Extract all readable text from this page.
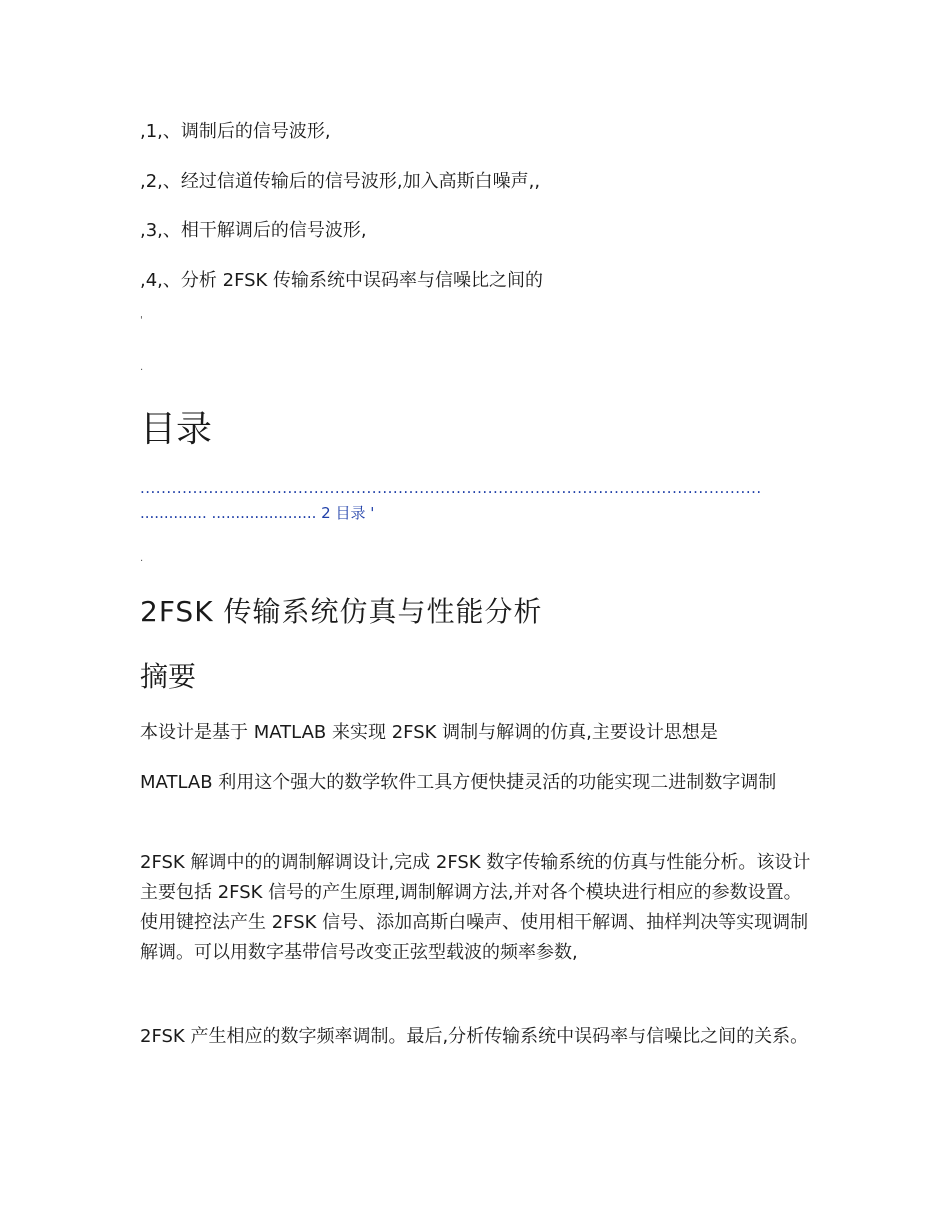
,1,、调制后的信号波形,
,2,、经过信道传输后的信号波形,加入高斯白噪声,,
,3,、相干解调后的信号波形,
,4,、分析 2FSK 传输系统中误码率与信噪比之间的
'
.
目录
......................................................................................................................
.............. ...................... 2 目录 '
.
2FSK 传输系统仿真与性能分析
摘要
本设计是基于 MATLAB 来实现 2FSK 调制与解调的仿真,主要设计思想是
MATLAB 利用这个强大的数学软件工具方便快捷灵活的功能实现二进制数字调制
2FSK 解调中的的调制解调设计,完成 2FSK 数字传输系统的仿真与性能分析。该设计主要包括 2FSK 信号的产生原理,调制解调方法,并对各个模块进行相应的参数设置。使用键控法产生 2FSK 信号、添加高斯白噪声、使用相干解调、抽样判决等实现调制解调。可以用数字基带信号改变正弦型载波的频率参数,
2FSK 产生相应的数字频率调制。最后,分析传输系统中误码率与信噪比之间的关系。
